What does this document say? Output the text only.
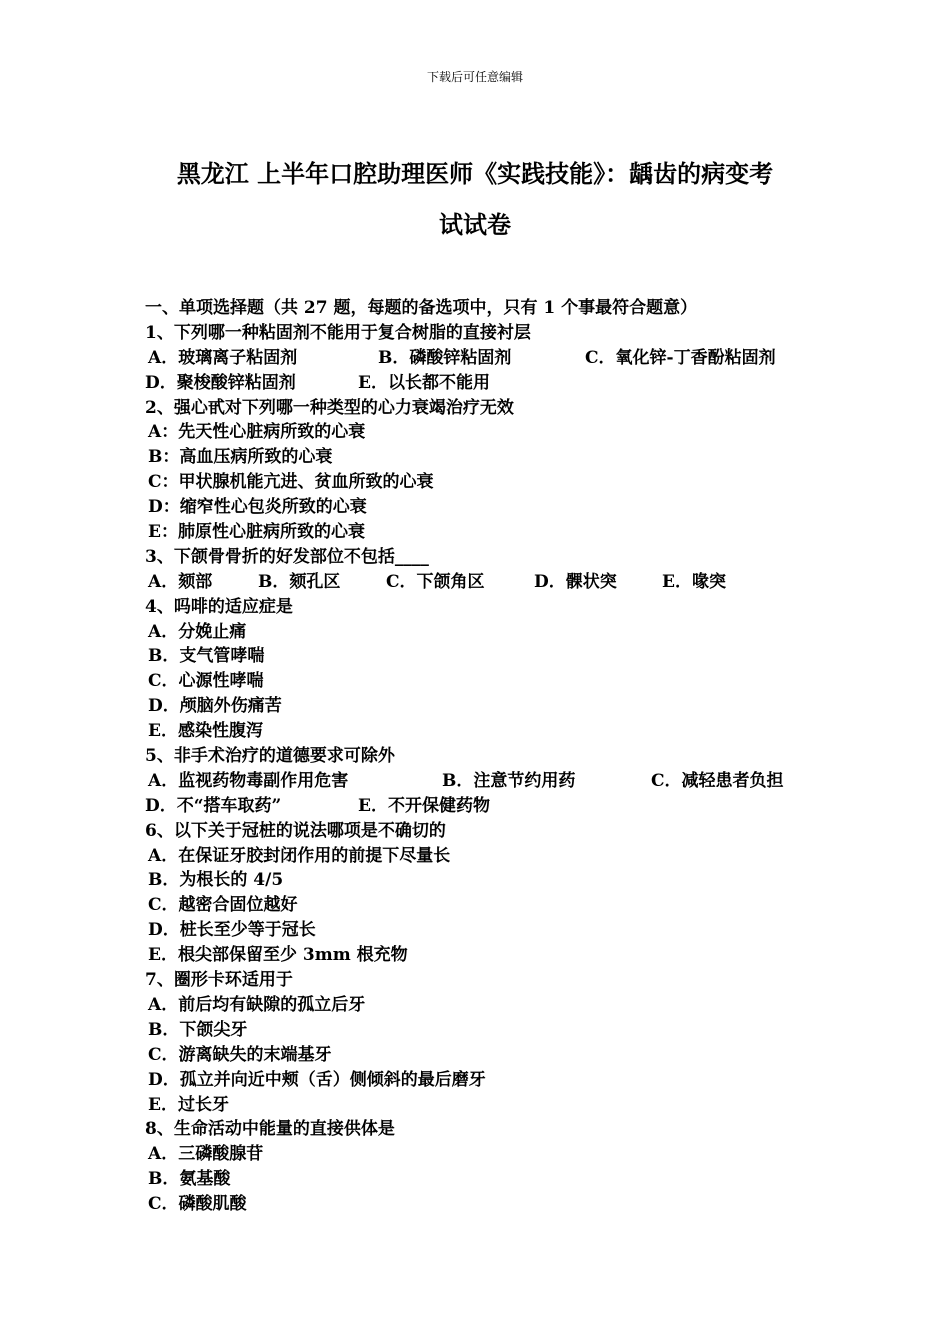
下载后可任意编辑
黑龙江 上半年口腔助理医师《实践技能》：龋齿的病变考
试试卷
一、单项选择题（共 27 题，每题的备选项中，只有 1 个事最符合题意）
1、下列哪一种粘固剂不能用于复合树脂的直接衬层
A．玻璃离子粘固剂	B．磷酸锌粘固剂	C．氧化锌-丁香酚粘固剂
D．聚梭酸锌粘固剂	E．以长都不能用
2、强心甙对下列哪一种类型的心力衰竭治疗无效
A：先天性心脏病所致的心衰
B：高血压病所致的心衰
C：甲状腺机能亢进、贫血所致的心衰
D：缩窄性心包炎所致的心衰
E：肺原性心脏病所致的心衰
3、下颌骨骨折的好发部位不包括____
A．颏部	B．颏孔区	C．下颌角区	D．髁状突	E．喙突
4、吗啡的适应症是
A．分娩止痛
B．支气管哮喘
C．心源性哮喘
D．颅脑外伤痛苦
E．感染性腹泻
5、非手术治疗的道德要求可除外
A．监视药物毒副作用危害	B．注意节约用药	C．减轻患者负担
D．不“搭车取药”	E．不开保健药物
6、以下关于冠桩的说法哪项是不确切的
A．在保证牙胶封闭作用的前提下尽量长
B．为根长的 4/5
C．越密合固位越好
D．桩长至少等于冠长
E．根尖部保留至少 3mm 根充物
7、圈形卡环适用于
A．前后均有缺隙的孤立后牙
B．下颌尖牙
C．游离缺失的末端基牙
D．孤立并向近中颊（舌）侧倾斜的最后磨牙
E．过长牙
8、生命活动中能量的直接供体是
A．三磷酸腺苷
B．氨基酸
C．磷酸肌酸
